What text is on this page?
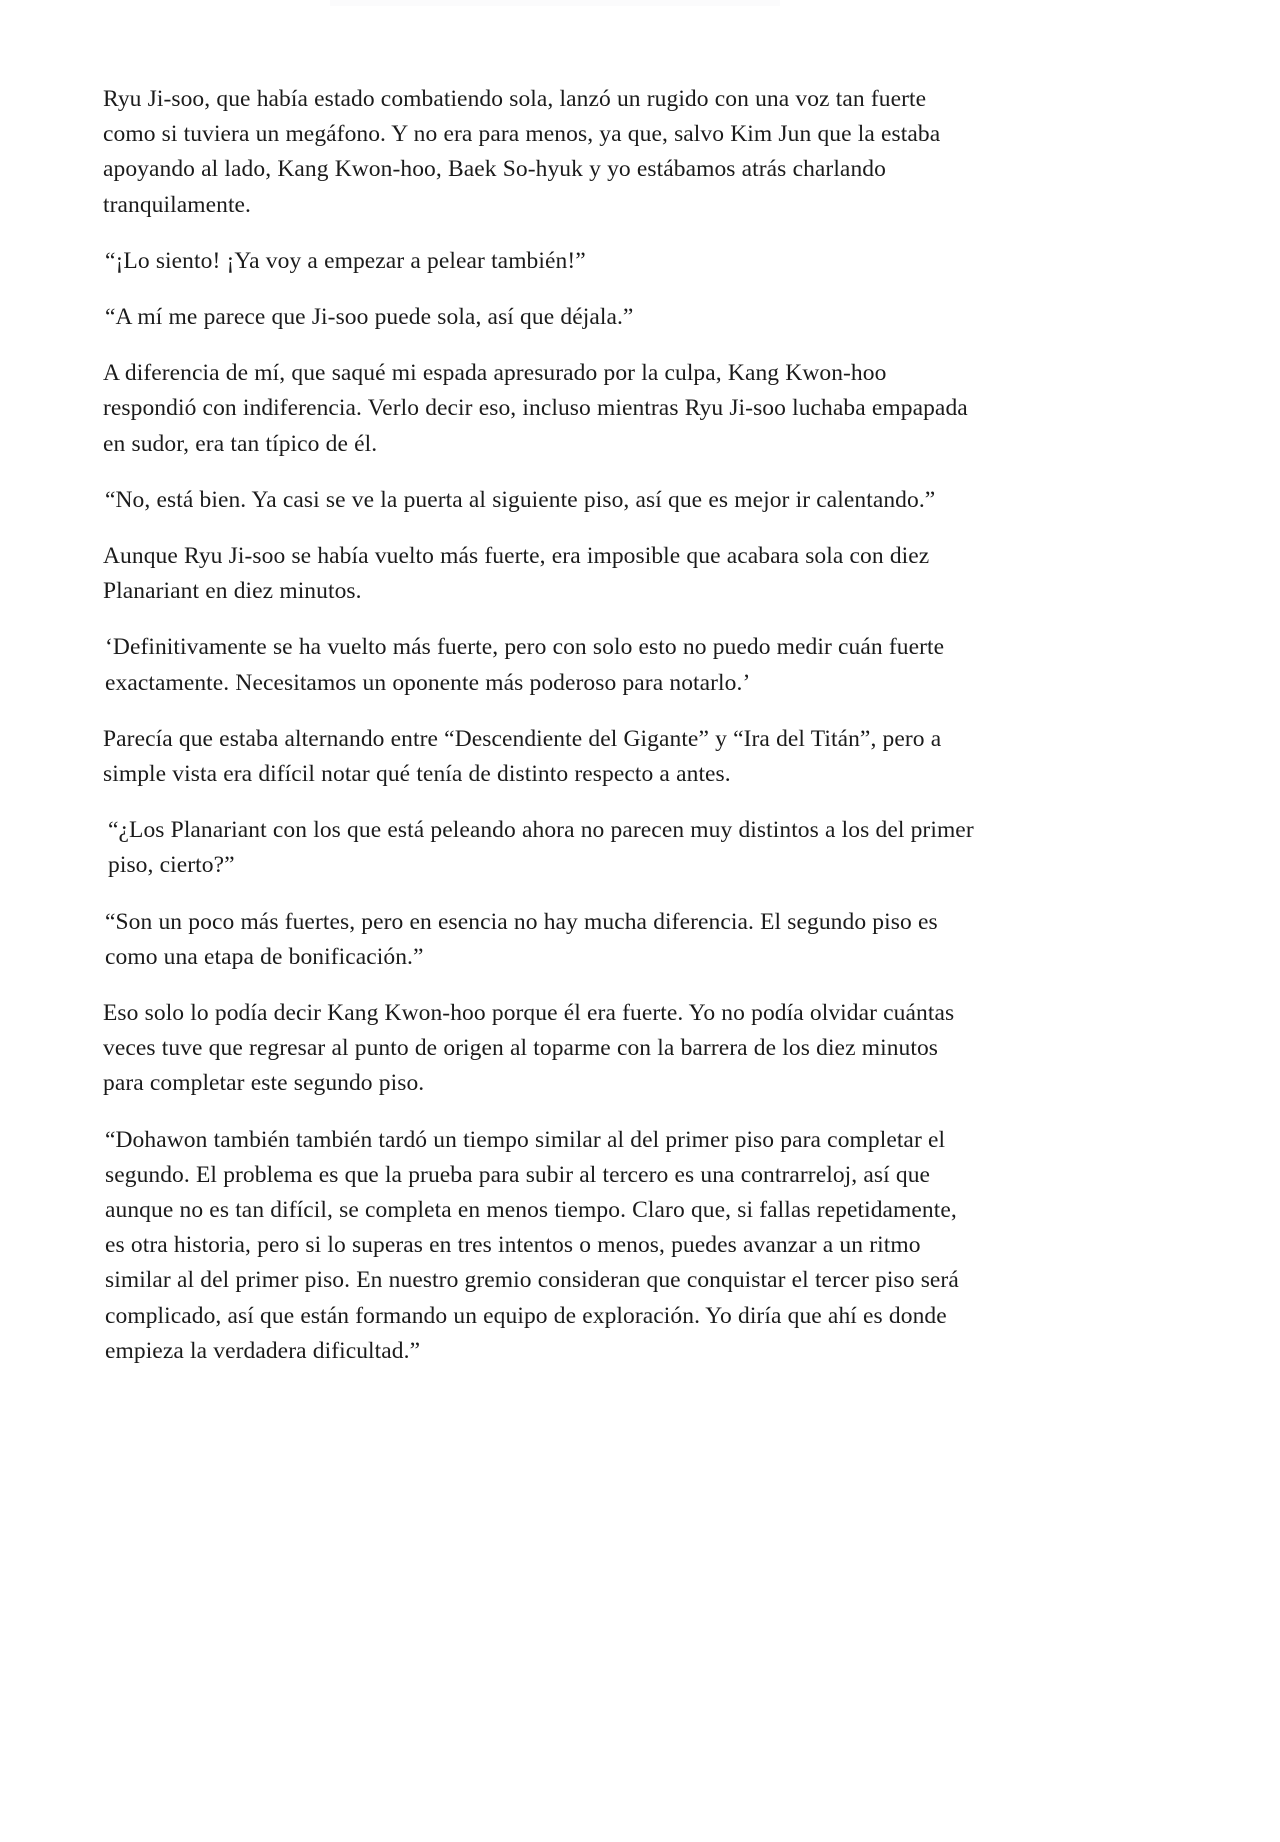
Ryu Ji-soo, que había estado combatiendo sola, lanzó un rugido con una voz tan fuerte como si tuviera un megáfono. Y no era para menos, ya que, salvo Kim Jun que la estaba apoyando al lado, Kang Kwon-hoo, Baek So-hyuk y yo estábamos atrás charlando tranquilamente.

“¡Lo siento! ¡Ya voy a empezar a pelear también!”

“A mí me parece que Ji-soo puede sola, así que déjala.”

A diferencia de mí, que saqué mi espada apresurado por la culpa, Kang Kwon-hoo respondió con indiferencia. Verlo decir eso, incluso mientras Ryu Ji-soo luchaba empapada en sudor, era tan típico de él.

“No, está bien. Ya casi se ve la puerta al siguiente piso, así que es mejor ir calentando.”

Aunque Ryu Ji-soo se había vuelto más fuerte, era imposible que acabara sola con diez Planariant en diez minutos.

‘Definitivamente se ha vuelto más fuerte, pero con solo esto no puedo medir cuán fuerte exactamente. Necesitamos un oponente más poderoso para notarlo.’

Parecía que estaba alternando entre “Descendiente del Gigante” y “Ira del Titán”, pero a simple vista era difícil notar qué tenía de distinto respecto a antes.

“¿Los Planariant con los que está peleando ahora no parecen muy distintos a los del primer piso, cierto?”

“Son un poco más fuertes, pero en esencia no hay mucha diferencia. El segundo piso es como una etapa de bonificación.”

Eso solo lo podía decir Kang Kwon-hoo porque él era fuerte. Yo no podía olvidar cuántas veces tuve que regresar al punto de origen al toparme con la barrera de los diez minutos para completar este segundo piso.

“Dohawon también también tardó un tiempo similar al del primer piso para completar el segundo. El problema es que la prueba para subir al tercero es una contrarreloj, así que aunque no es tan difícil, se completa en menos tiempo. Claro que, si fallas repetidamente, es otra historia, pero si lo superas en tres intentos o menos, puedes avanzar a un ritmo similar al del primer piso. En nuestro gremio consideran que conquistar el tercer piso será complicado, así que están formando un equipo de exploración. Yo diría que ahí es donde empieza la verdadera dificultad.”
